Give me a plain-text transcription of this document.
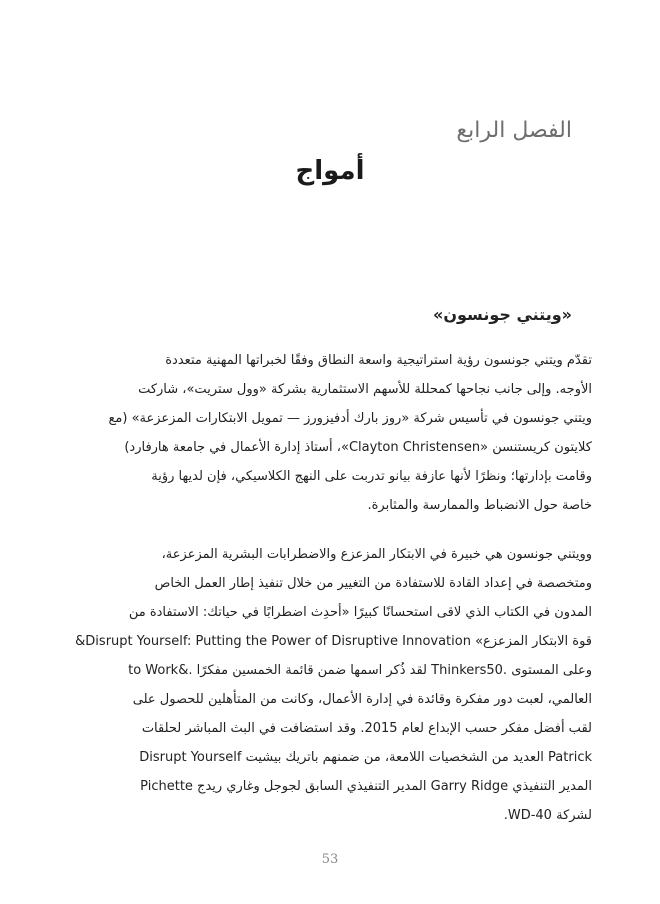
الفصل الرابع
أمواج
«ويتني جونسون»
تقدّم ويتني جونسون رؤية استراتيجية واسعة النطاق وفقًا لخبراتها المهنية متعددة
الأوجه. وإلى جانب نجاحها كمحللة للأسهم الاستثمارية بشركة «وول ستريت»، شاركت
ويتني جونسون في تأسيس شركة «روز بارك أدفيزورز — تمويل الابتكارات المزعزعة» (مع
كلايتون كريستنسن «Clayton Christensen»، أستاذ إدارة الأعمال في جامعة هارفارد)
وقامت بإدارتها؛ ونظرًا لأنها عازفة بيانو تدربت على النهج الكلاسيكي، فإن لديها رؤية
خاصة حول الانضباط والممارسة والمثابرة.
وويتني جونسون هي خبيرة في الابتكار المزعزع والاضطرابات البشرية المزعزعة،
ومتخصصة في إعداد القادة للاستفادة من التغيير من خلال تنفيذ إطار العمل الخاص
المدون في الكتاب الذي لاقى استحسانًا كبيرًا «أحدِث اضطرابًا في حياتك: الاستفادة من
قوة الابتكار المزعزع» Disrupt Yourself: Putting the Power of Disruptive Innovation&
to Work&. لقد ذُكر اسمها ضمن قائمة الخمسين مفكرًا Thinkers50. وعلى المستوى
العالمي، لعبت دور مفكرة وقائدة في إدارة الأعمال، وكانت من المتأهلين للحصول على
لقب أفضل مفكر حسب الإبداع لعام 2015. وقد استضافت في البث المباشر لحلقات
Disrupt Yourself العديد من الشخصيات اللامعة، من ضمنهم باتريك بيشيت Patrick
Pichette المدير التنفيذي السابق لجوجل وغاري ريدج Garry Ridge المدير التنفيذي
لشركة WD-40.
53
